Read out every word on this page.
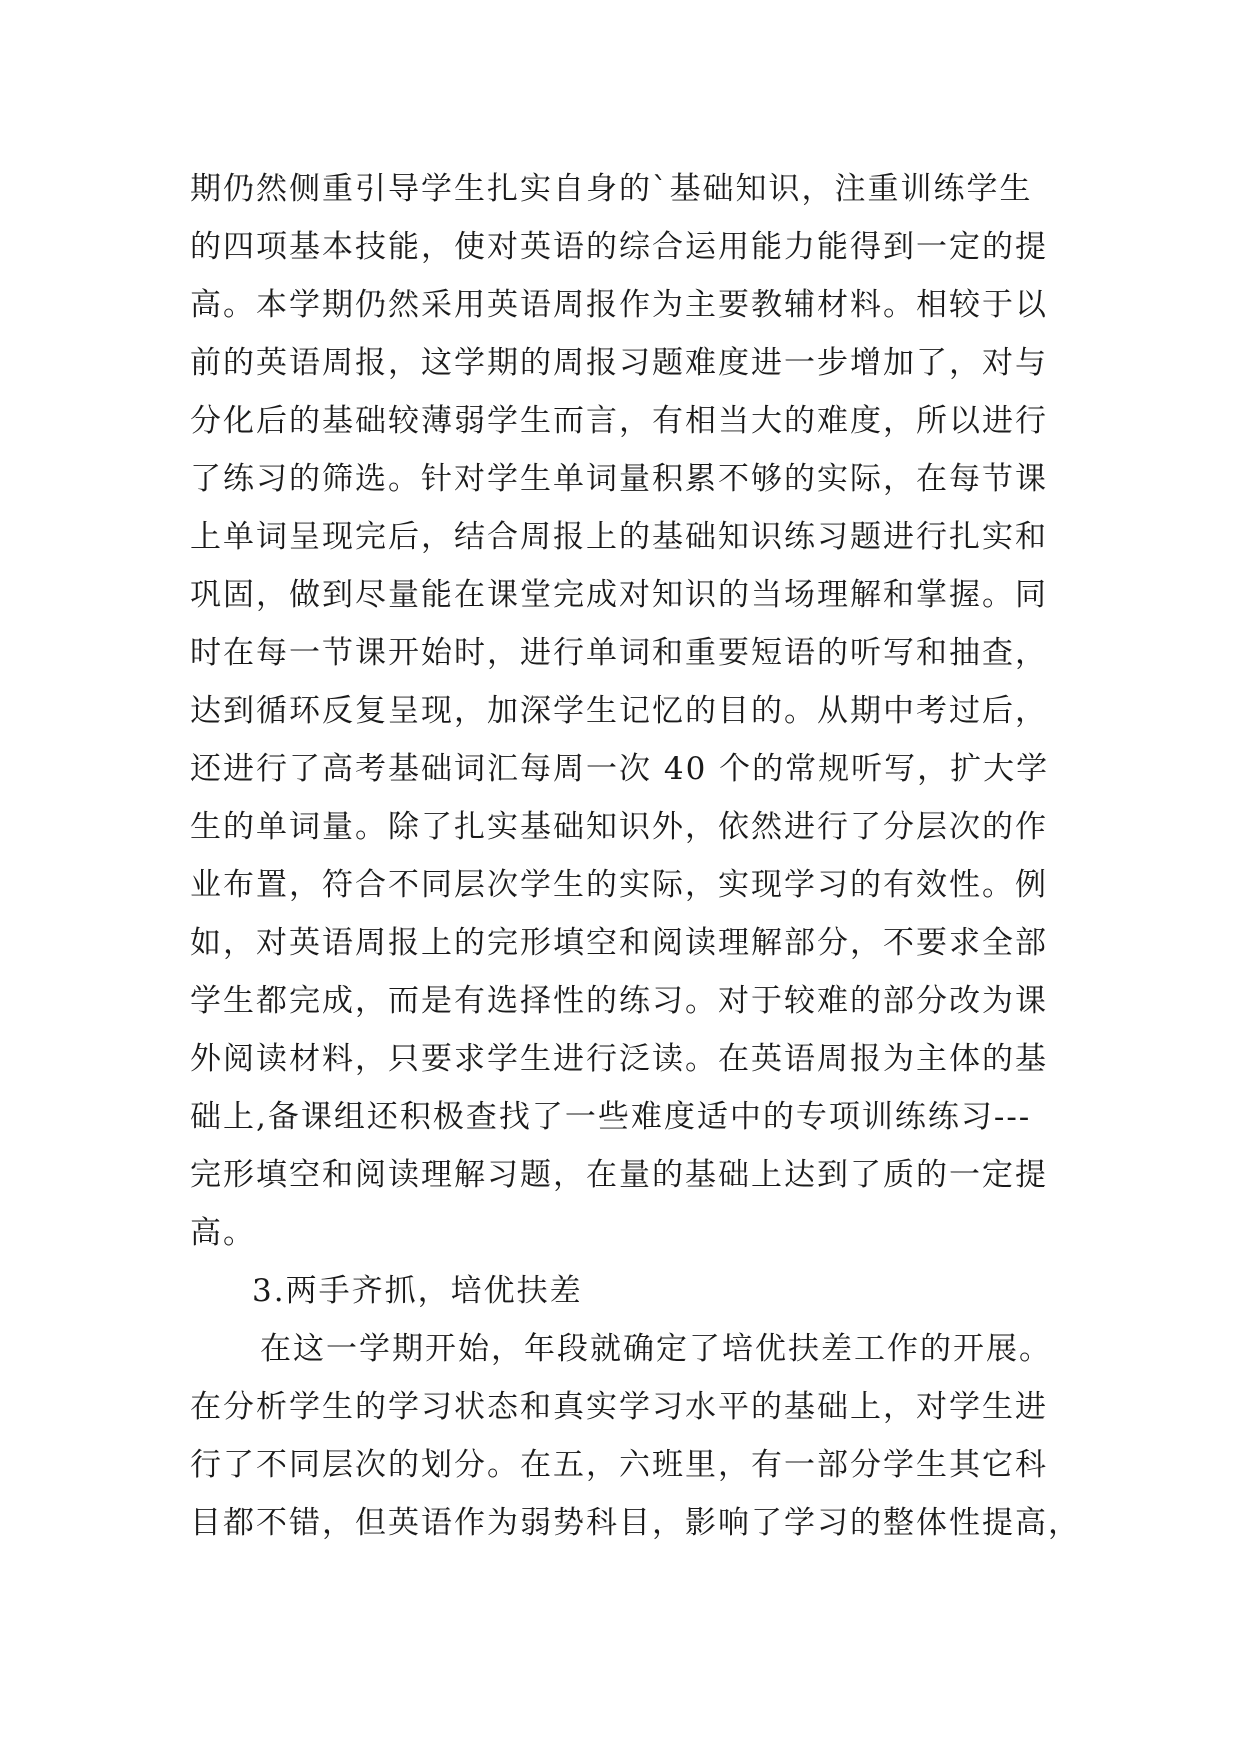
期仍然侧重引导学生扎实自身的`基础知识，注重训练学生

的四项基本技能，使对英语的综合运用能力能得到一定的提

高。本学期仍然采用英语周报作为主要教辅材料。相较于以

前的英语周报，这学期的周报习题难度进一步增加了，对与

分化后的基础较薄弱学生而言，有相当大的难度，所以进行

了练习的筛选。针对学生单词量积累不够的实际，在每节课

上单词呈现完后，结合周报上的基础知识练习题进行扎实和

巩固，做到尽量能在课堂完成对知识的当场理解和掌握。同

时在每一节课开始时，进行单词和重要短语的听写和抽查，

达到循环反复呈现，加深学生记忆的目的。从期中考过后，

还进行了高考基础词汇每周一次 40 个的常规听写，扩大学

生的单词量。除了扎实基础知识外，依然进行了分层次的作

业布置，符合不同层次学生的实际，实现学习的有效性。例

如，对英语周报上的完形填空和阅读理解部分，不要求全部

学生都完成，而是有选择性的练习。对于较难的部分改为课

外阅读材料，只要求学生进行泛读。在英语周报为主体的基

础上,备课组还积极查找了一些难度适中的专项训练练习---

完形填空和阅读理解习题，在量的基础上达到了质的一定提

高。

3.两手齐抓，培优扶差

在这一学期开始，年段就确定了培优扶差工作的开展。

在分析学生的学习状态和真实学习水平的基础上，对学生进

行了不同层次的划分。在五，六班里，有一部分学生其它科

目都不错，但英语作为弱势科目，影响了学习的整体性提高，
